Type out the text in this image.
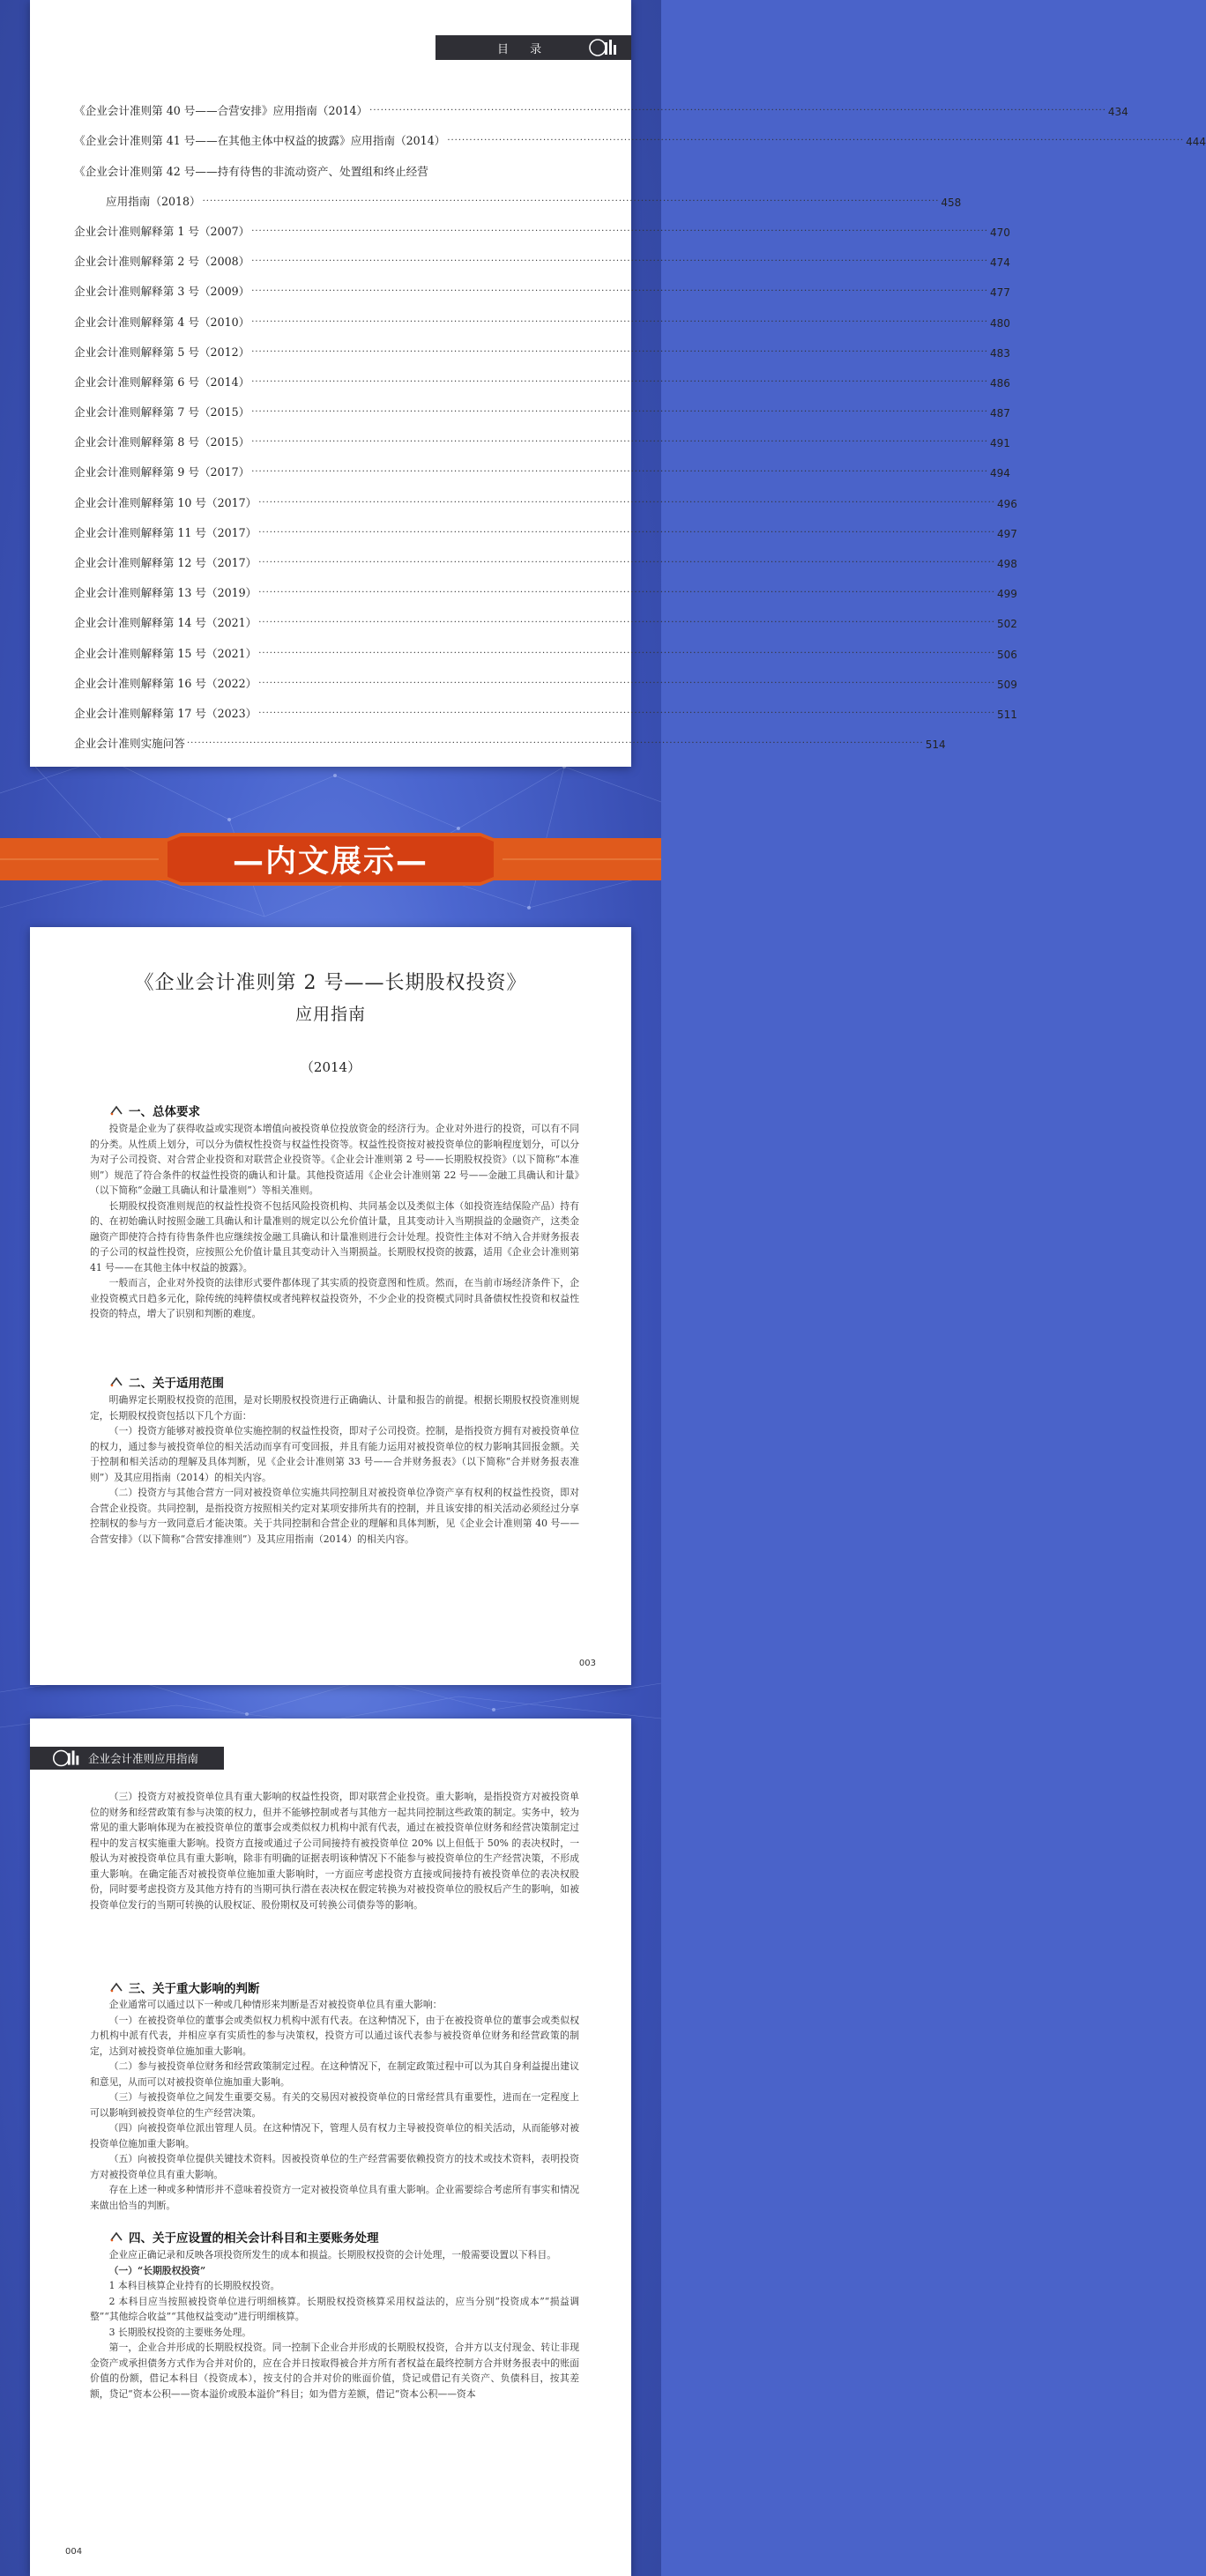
目 录
《企业会计准则第 40 号——合营安排》应用指南（2014） ········································································································································································································ 434
《企业会计准则第 41 号——在其他主体中权益的披露》应用指南（2014） ········································································································································································································ 444
《企业会计准则第 42 号——持有待售的非流动资产、处置组和终止经营
应用指南（2018） ········································································································································································································ 458
企业会计准则解释第 1 号（2007） ········································································································································································································ 470
企业会计准则解释第 2 号（2008） ········································································································································································································ 474
企业会计准则解释第 3 号（2009） ········································································································································································································ 477
企业会计准则解释第 4 号（2010） ········································································································································································································ 480
企业会计准则解释第 5 号（2012） ········································································································································································································ 483
企业会计准则解释第 6 号（2014） ········································································································································································································ 486
企业会计准则解释第 7 号（2015） ········································································································································································································ 487
企业会计准则解释第 8 号（2015） ········································································································································································································ 491
企业会计准则解释第 9 号（2017） ········································································································································································································ 494
企业会计准则解释第 10 号（2017） ········································································································································································································ 496
企业会计准则解释第 11 号（2017） ········································································································································································································ 497
企业会计准则解释第 12 号（2017） ········································································································································································································ 498
企业会计准则解释第 13 号（2019） ········································································································································································································ 499
企业会计准则解释第 14 号（2021） ········································································································································································································ 502
企业会计准则解释第 15 号（2021） ········································································································································································································ 506
企业会计准则解释第 16 号（2022） ········································································································································································································ 509
企业会计准则解释第 17 号（2023） ········································································································································································································ 511
企业会计准则实施问答 ········································································································································································································ 514
—内文展示—
《企业会计准则第 2 号——长期股权投资》
应用指南
（2014）
一、总体要求

投资是企业为了获得收益或实现资本增值向被投资单位投放资金的经济行为。企业对外进行的投资，可以有不同的分类。从性质上划分，可以分为债权性投资与权益性投资等。权益性投资按对被投资单位的影响程度划分，可以分为对子公司投资、对合营企业投资和对联营企业投资等。《企业会计准则第 2 号——长期股权投资》（以下简称“本准则”）规范了符合条件的权益性投资的确认和计量。其他投资适用《企业会计准则第 22 号——金融工具确认和计量》（以下简称“金融工具确认和计量准则”）等相关准则。

长期股权投资准则规范的权益性投资不包括风险投资机构、共同基金以及类似主体（如投资连结保险产品）持有的、在初始确认时按照金融工具确认和计量准则的规定以公允价值计量，且其变动计入当期损益的金融资产，这类金融资产即使符合持有待售条件也应继续按金融工具确认和计量准则进行会计处理。投资性主体对不纳入合并财务报表的子公司的权益性投资，应按照公允价值计量且其变动计入当期损益。长期股权投资的披露，适用《企业会计准则第 41 号——在其他主体中权益的披露》。

一般而言，企业对外投资的法律形式要件都体现了其实质的投资意图和性质。然而，在当前市场经济条件下，企业投资模式日趋多元化，除传统的纯粹债权或者纯粹权益投资外，不少企业的投资模式同时具备债权性投资和权益性投资的特点，增大了识别和判断的难度。

二、关于适用范围

明确界定长期股权投资的范围，是对长期股权投资进行正确确认、计量和报告的前提。根据长期股权投资准则规定，长期股权投资包括以下几个方面：

（一）投资方能够对被投资单位实施控制的权益性投资，即对子公司投资。控制，是指投资方拥有对被投资单位的权力，通过参与被投资单位的相关活动而享有可变回报，并且有能力运用对被投资单位的权力影响其回报金额。关于控制和相关活动的理解及具体判断，见《企业会计准则第 33 号——合并财务报表》（以下简称“合并财务报表准则”）及其应用指南（2014）的相关内容。

（二）投资方与其他合营方一同对被投资单位实施共同控制且对被投资单位净资产享有权利的权益性投资，即对合营企业投资。共同控制，是指投资方按照相关约定对某项安排所共有的控制，并且该安排的相关活动必须经过分享控制权的参与方一致同意后才能决策。关于共同控制和合营企业的理解和具体判断，见《企业会计准则第 40 号——合营安排》（以下简称“合营安排准则”）及其应用指南（2014）的相关内容。

003
企业会计准则应用指南

（三）投资方对被投资单位具有重大影响的权益性投资，即对联营企业投资。重大影响，是指投资方对被投资单位的财务和经营政策有参与决策的权力，但并不能够控制或者与其他方一起共同控制这些政策的制定。实务中，较为常见的重大影响体现为在被投资单位的董事会或类似权力机构中派有代表，通过在被投资单位财务和经营决策制定过程中的发言权实施重大影响。投资方直接或通过子公司间接持有被投资单位 20% 以上但低于 50% 的表决权时，一般认为对被投资单位具有重大影响，除非有明确的证据表明该种情况下不能参与被投资单位的生产经营决策，不形成重大影响。在确定能否对被投资单位施加重大影响时，一方面应考虑投资方直接或间接持有被投资单位的表决权股份，同时要考虑投资方及其他方持有的当期可执行潜在表决权在假定转换为对被投资单位的股权后产生的影响，如被投资单位发行的当期可转换的认股权证、股份期权及可转换公司债券等的影响。

三、关于重大影响的判断

企业通常可以通过以下一种或几种情形来判断是否对被投资单位具有重大影响：

（一）在被投资单位的董事会或类似权力机构中派有代表。在这种情况下，由于在被投资单位的董事会或类似权力机构中派有代表，并相应享有实质性的参与决策权，投资方可以通过该代表参与被投资单位财务和经营政策的制定，达到对被投资单位施加重大影响。

（二）参与被投资单位财务和经营政策制定过程。在这种情况下，在制定政策过程中可以为其自身利益提出建议和意见，从而可以对被投资单位施加重大影响。

（三）与被投资单位之间发生重要交易。有关的交易因对被投资单位的日常经营具有重要性，进而在一定程度上可以影响到被投资单位的生产经营决策。

（四）向被投资单位派出管理人员。在这种情况下，管理人员有权力主导被投资单位的相关活动，从而能够对被投资单位施加重大影响。

（五）向被投资单位提供关键技术资料。因被投资单位的生产经营需要依赖投资方的技术或技术资料，表明投资方对被投资单位具有重大影响。

存在上述一种或多种情形并不意味着投资方一定对被投资单位具有重大影响。企业需要综合考虑所有事实和情况来做出恰当的判断。

四、关于应设置的相关会计科目和主要账务处理

企业应正确记录和反映各项投资所发生的成本和损益。长期股权投资的会计处理，一般需要设置以下科目。

（一）“长期股权投资”

1 本科目核算企业持有的长期股权投资。

2 本科目应当按照被投资单位进行明细核算。长期股权投资核算采用权益法的，应当分别“投资成本”“损益调整”“其他综合收益”“其他权益变动”进行明细核算。

3 长期股权投资的主要账务处理。

第一，企业合并形成的长期股权投资。同一控制下企业合并形成的长期股权投资，合并方以支付现金、转让非现金资产或承担债务方式作为合并对价的，应在合并日按取得被合并方所有者权益在最终控制方合并财务报表中的账面价值的份额，借记本科目（投资成本），按支付的合并对价的账面价值，贷记或借记有关资产、负债科目，按其差额，贷记“资本公积——资本溢价或股本溢价”科目；如为借方差额，借记“资本公积——资本

004
